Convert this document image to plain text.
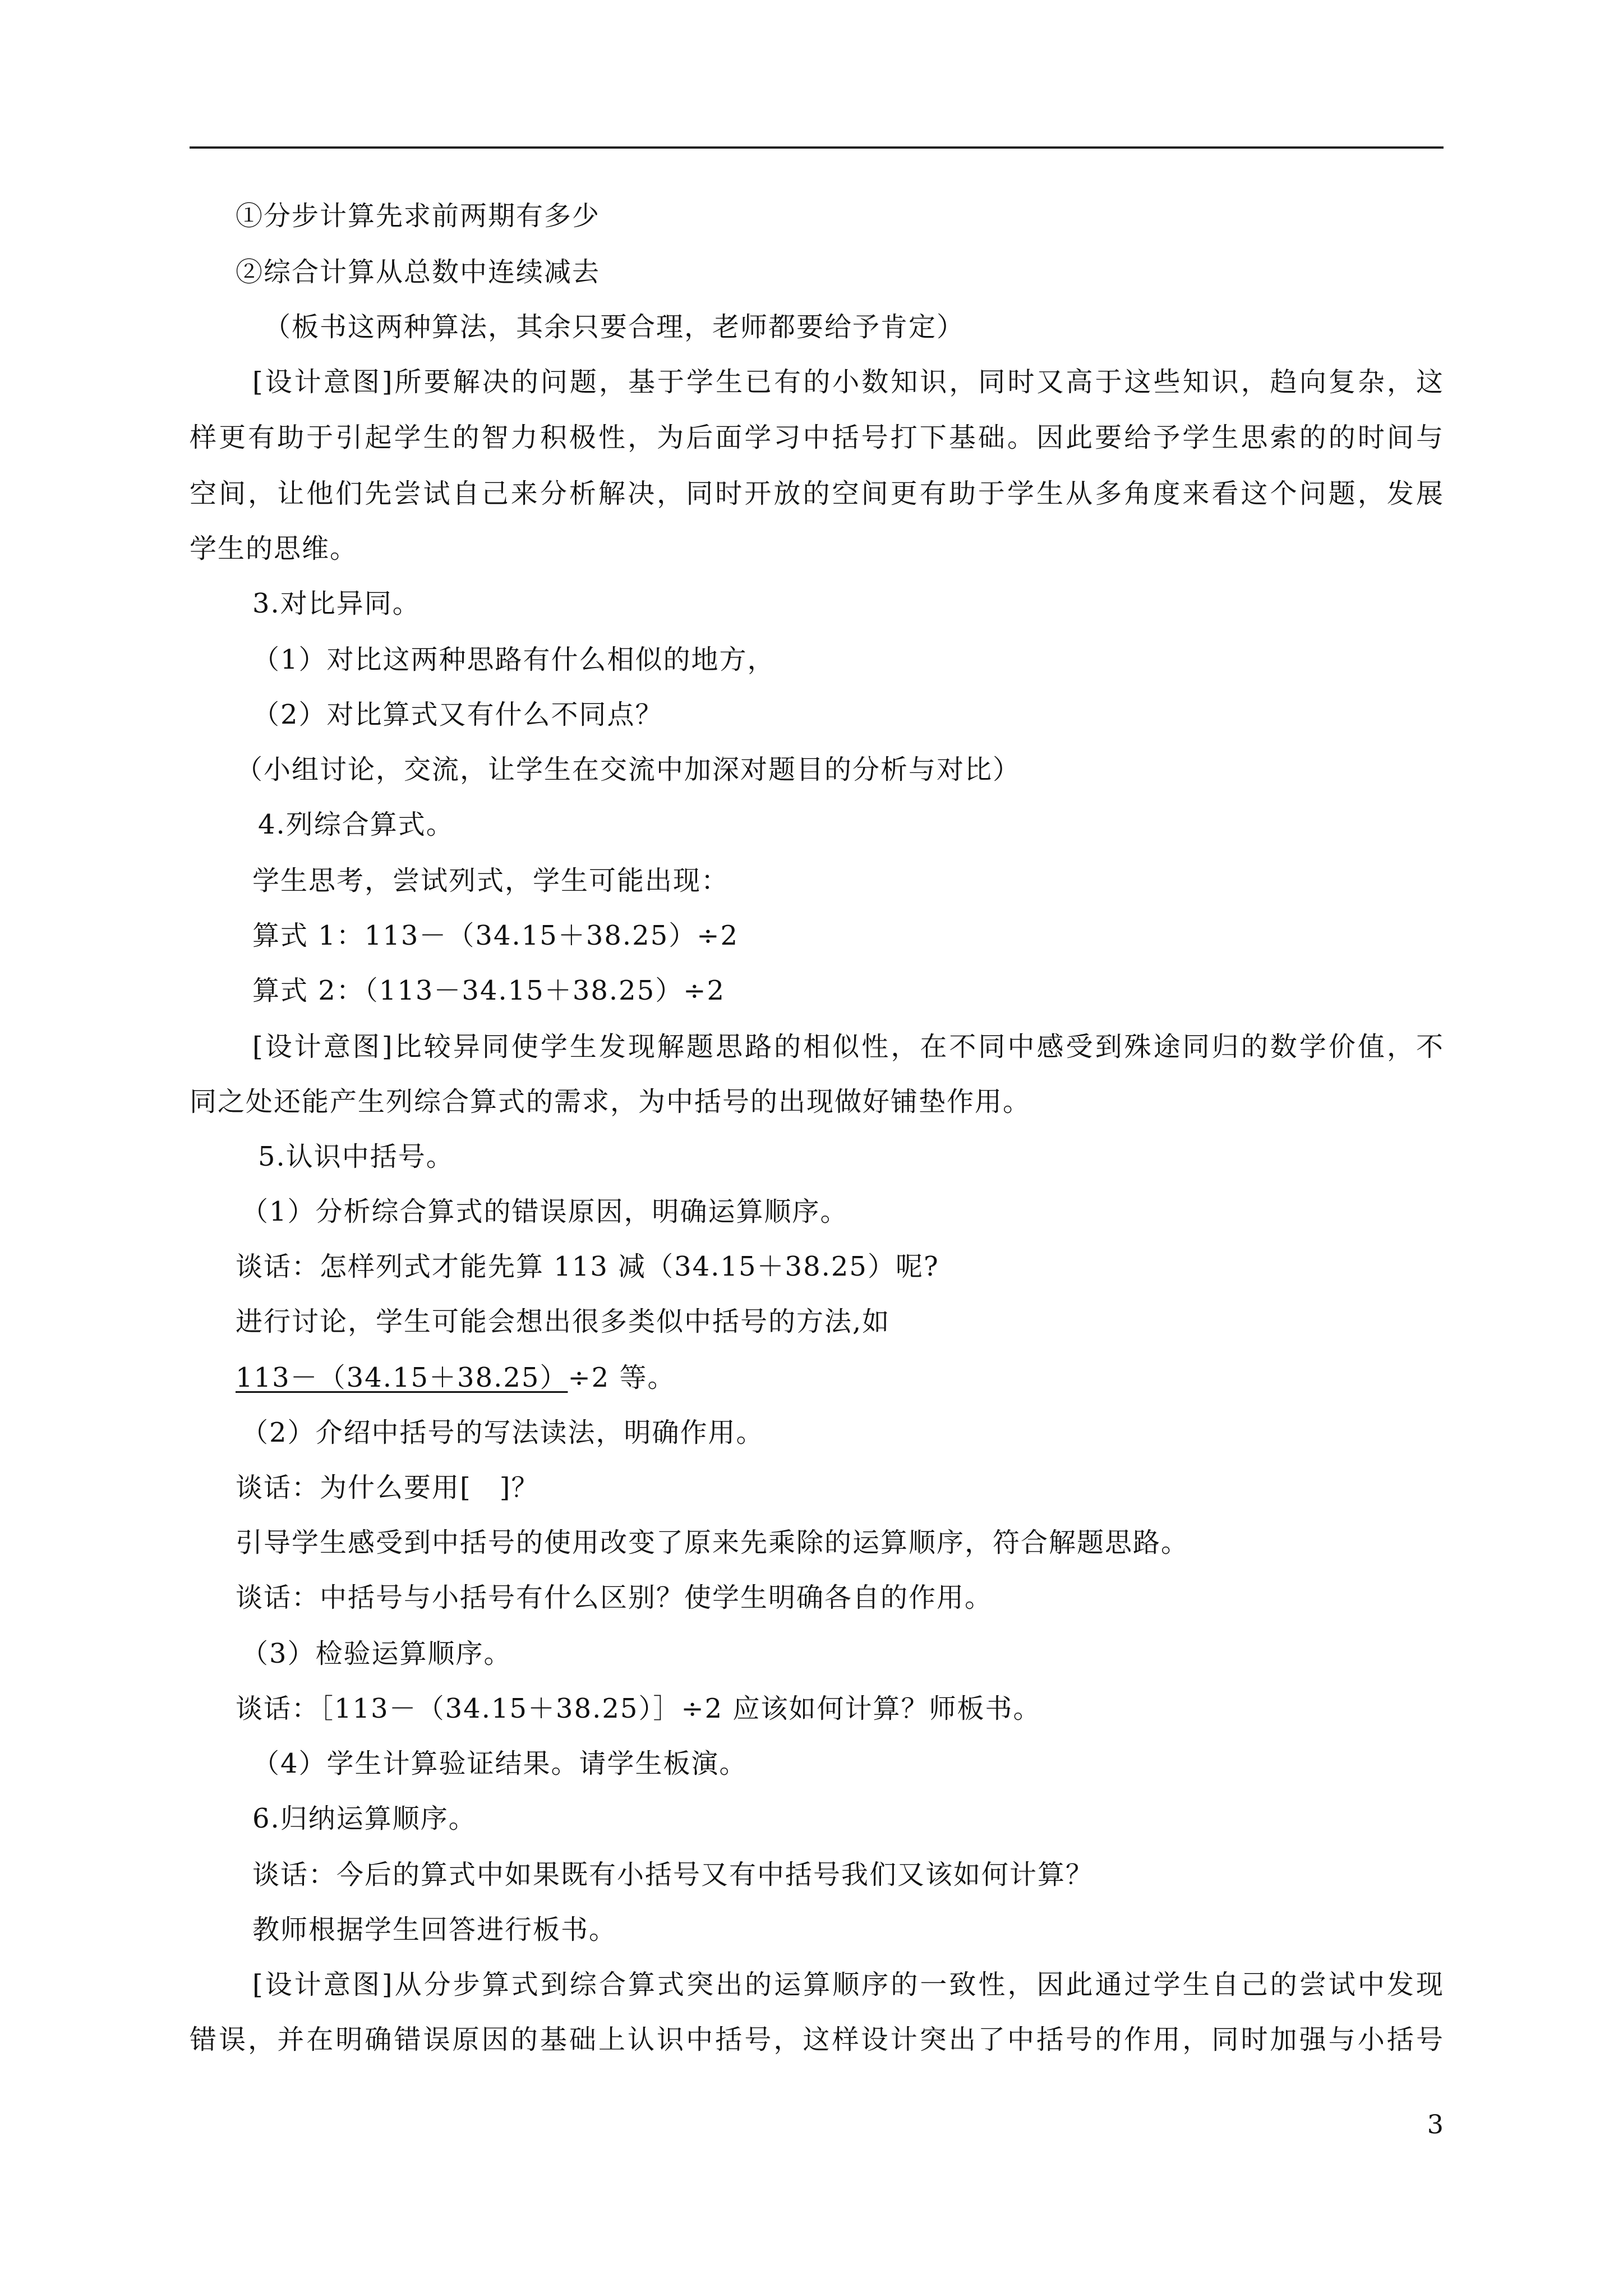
①分步计算先求前两期有多少
②综合计算从总数中连续减去
（板书这两种算法，其余只要合理，老师都要给予肯定）
[设计意图]所要解决的问题，基于学生已有的小数知识，同时又高于这些知识，趋向复杂，这
样更有助于引起学生的智力积极性，为后面学习中括号打下基础。因此要给予学生思索的的时间与
空间，让他们先尝试自己来分析解决，同时开放的空间更有助于学生从多角度来看这个问题，发展
学生的思维。
3.对比异同。
（1）对比这两种思路有什么相似的地方，
（2）对比算式又有什么不同点？
（小组讨论，交流，让学生在交流中加深对题目的分析与对比）
4.列综合算式。
学生思考，尝试列式，学生可能出现：
算式 1：113－（34.15＋38.25）÷2
算式 2：（113－34.15＋38.25）÷2
[设计意图]比较异同使学生发现解题思路的相似性，在不同中感受到殊途同归的数学价值，不
同之处还能产生列综合算式的需求，为中括号的出现做好铺垫作用。
5.认识中括号。
（1）分析综合算式的错误原因，明确运算顺序。
谈话：怎样列式才能先算 113 减（34.15＋38.25）呢?
进行讨论，学生可能会想出很多类似中括号的方法,如
113－（34.15＋38.25）÷2 等。
（2）介绍中括号的写法读法，明确作用。
谈话：为什么要用[　]？
引导学生感受到中括号的使用改变了原来先乘除的运算顺序，符合解题思路。
谈话：中括号与小括号有什么区别？使学生明确各自的作用。
（3）检验运算顺序。
谈话：［113－（34.15＋38.25）］÷2 应该如何计算？师板书。
（4）学生计算验证结果。请学生板演。
6.归纳运算顺序。
谈话：今后的算式中如果既有小括号又有中括号我们又该如何计算？
教师根据学生回答进行板书。
[设计意图]从分步算式到综合算式突出的运算顺序的一致性，因此通过学生自己的尝试中发现
错误，并在明确错误原因的基础上认识中括号，这样设计突出了中括号的作用，同时加强与小括号
3
